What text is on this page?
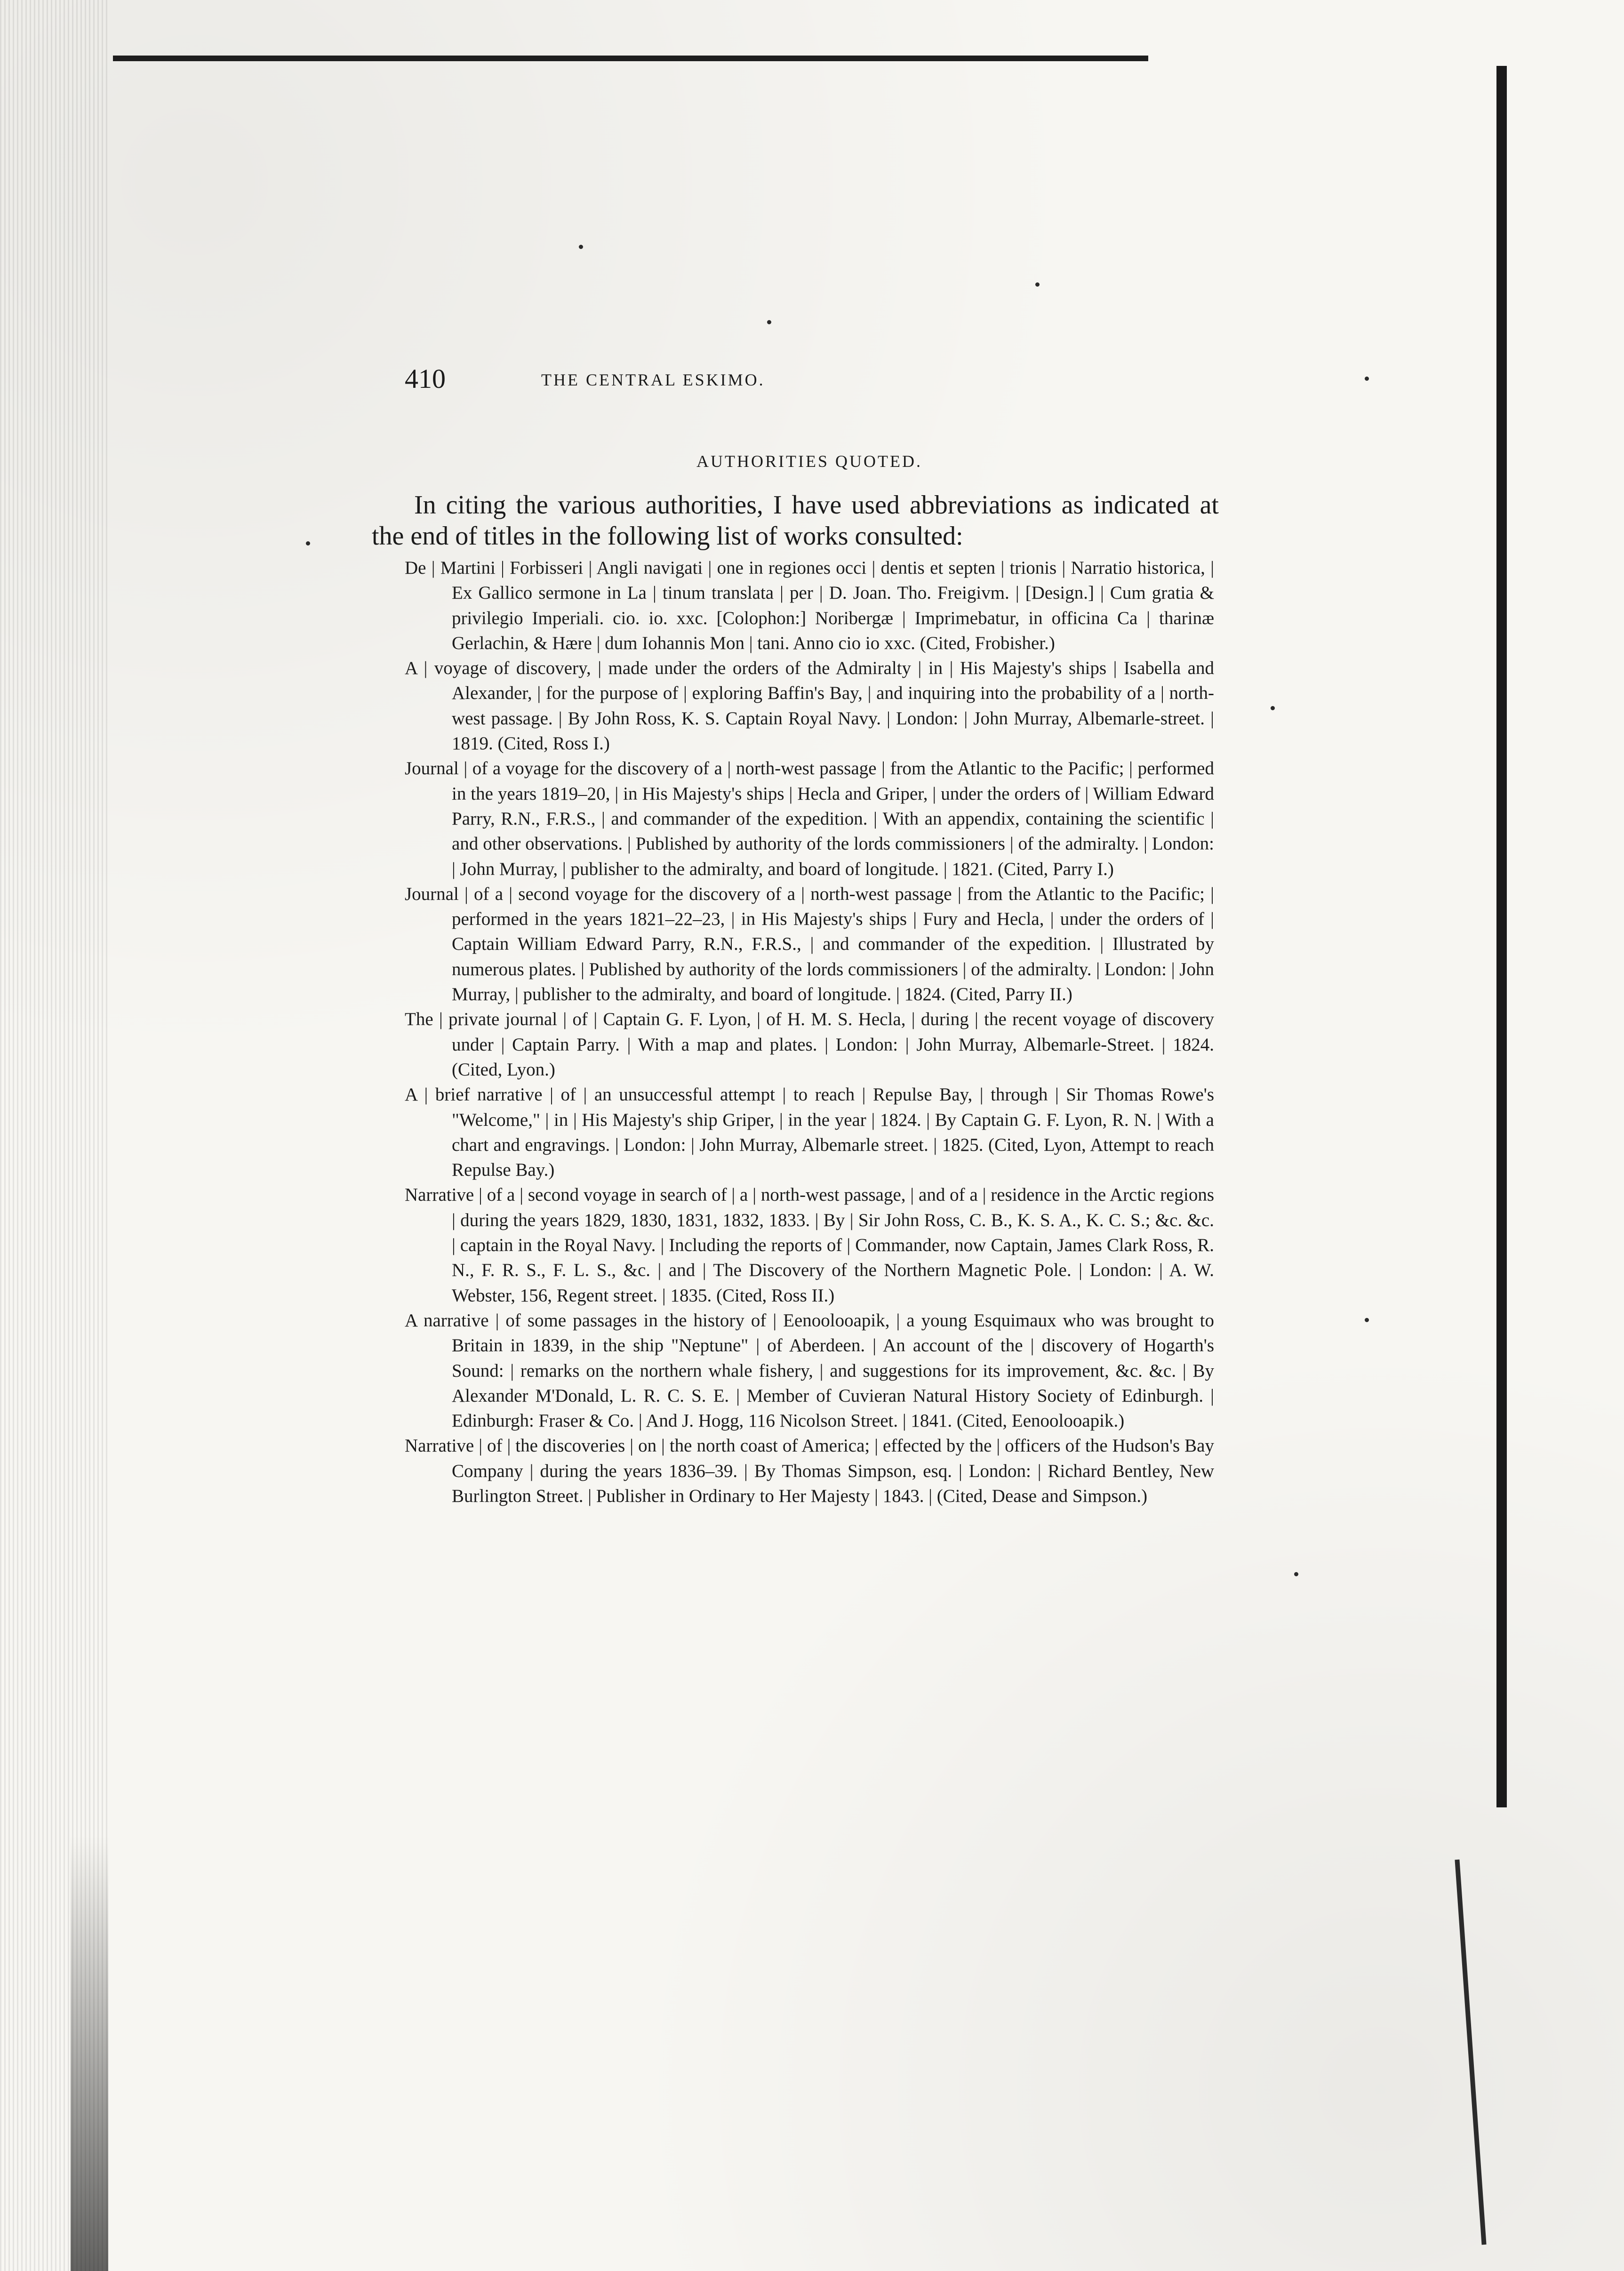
410	THE CENTRAL ESKIMO.
AUTHORITIES QUOTED.

In citing the various authorities, I have used abbreviations as indicated at the end of titles in the following list of works consulted:

De | Martini | Forbisseri | Angli navigati | one in regiones occi | dentis et septen | trionis | Narratio historica, | Ex Gallico sermone in La | tinum translata | per | D. Joan. Tho. Freigivm. | [Design.] | Cum gratia & privilegio Imperiali. cio. io. xxc. [Colophon:] Noribergæ | Imprimebatur, in officina Ca | tharinæ Gerlachin, & Hære | dum Iohannis Mon | tani. Anno cio io xxc. (Cited, Frobisher.)

A | voyage of discovery, | made under the orders of the Admiralty | in | His Majesty's ships | Isabella and Alexander, | for the purpose of | exploring Baffin's Bay, | and inquiring into the probability of a | north-west passage. | By John Ross, K. S. Captain Royal Navy. | London: | John Murray, Albemarle-street. | 1819. (Cited, Ross I.)

Journal | of a voyage for the discovery of a | north-west passage | from the Atlantic to the Pacific; | performed in the years 1819–20, | in His Majesty's ships | Hecla and Griper, | under the orders of | William Edward Parry, R.N., F.R.S., | and commander of the expedition. | With an appendix, containing the scientific | and other observations. | Published by authority of the lords commissioners | of the admiralty. | London: | John Murray, | publisher to the admiralty, and board of longitude. | 1821. (Cited, Parry I.)

Journal | of a | second voyage for the discovery of a | north-west passage | from the Atlantic to the Pacific; | performed in the years 1821–22–23, | in His Majesty's ships | Fury and Hecla, | under the orders of | Captain William Edward Parry, R.N., F.R.S., | and commander of the expedition. | Illustrated by numerous plates. | Published by authority of the lords commissioners | of the admiralty. | London: | John Murray, | publisher to the admiralty, and board of longitude. | 1824. (Cited, Parry II.)

The | private journal | of | Captain G. F. Lyon, | of H. M. S. Hecla, | during | the recent voyage of discovery under | Captain Parry. | With a map and plates. | London: | John Murray, Albemarle-Street. | 1824. (Cited, Lyon.)

A | brief narrative | of | an unsuccessful attempt | to reach | Repulse Bay, | through | Sir Thomas Rowe's "Welcome," | in | His Majesty's ship Griper, | in the year | 1824. | By Captain G. F. Lyon, R. N. | With a chart and engravings. | London: | John Murray, Albemarle street. | 1825. (Cited, Lyon, Attempt to reach Repulse Bay.)

Narrative | of a | second voyage in search of | a | north-west passage, | and of a | residence in the Arctic regions | during the years 1829, 1830, 1831, 1832, 1833. | By | Sir John Ross, C. B., K. S. A., K. C. S.; &c. &c. | captain in the Royal Navy. | Including the reports of | Commander, now Captain, James Clark Ross, R. N., F. R. S., F. L. S., &c. | and | The Discovery of the Northern Magnetic Pole. | London: | A. W. Webster, 156, Regent street. | 1835. (Cited, Ross II.)

A narrative | of some passages in the history of | Eenoolooapik, | a young Esquimaux who was brought to Britain in 1839, in the ship "Neptune" | of Aberdeen. | An account of the | discovery of Hogarth's Sound: | remarks on the northern whale fishery, | and suggestions for its improvement, &c. &c. | By Alexander M'Donald, L. R. C. S. E. | Member of Cuvieran Natural History Society of Edinburgh. | Edinburgh: Fraser & Co. | And J. Hogg, 116 Nicolson Street. | 1841. (Cited, Eenoolooapik.)

Narrative | of | the discoveries | on | the north coast of America; | effected by the | officers of the Hudson's Bay Company | during the years 1836–39. | By Thomas Simpson, esq. | London: | Richard Bentley, New Burlington Street. | Publisher in Ordinary to Her Majesty | 1843. | (Cited, Dease and Simpson.)
